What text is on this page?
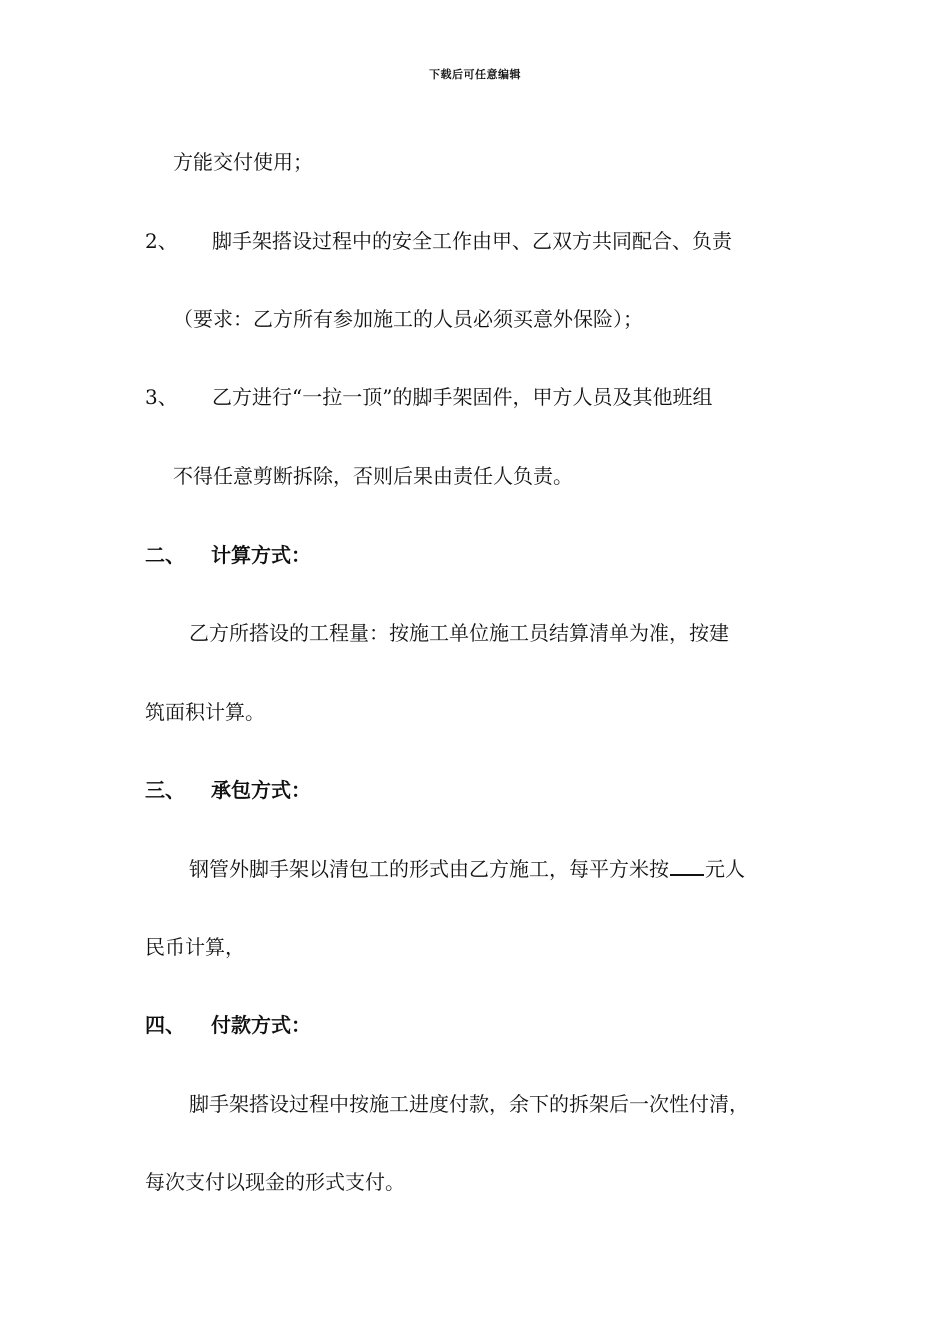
下载后可任意编辑
方能交付使用；
2、 脚手架搭设过程中的安全工作由甲、乙双方共同配合、负责
（要求：乙方所有参加施工的人员必须买意外保险）；
3、 乙方进行“一拉一顶”的脚手架固件，甲方人员及其他班组
不得任意剪断拆除，否则后果由责任人负责。
二、 计算方式：
乙方所搭设的工程量：按施工单位施工员结算清单为准，按建
筑面积计算。
三、 承包方式：
钢管外脚手架以清包工的形式由乙方施工，每平方米按 元人
民币计算，
四、 付款方式：
脚手架搭设过程中按施工进度付款，余下的拆架后一次性付清，
每次支付以现金的形式支付。
